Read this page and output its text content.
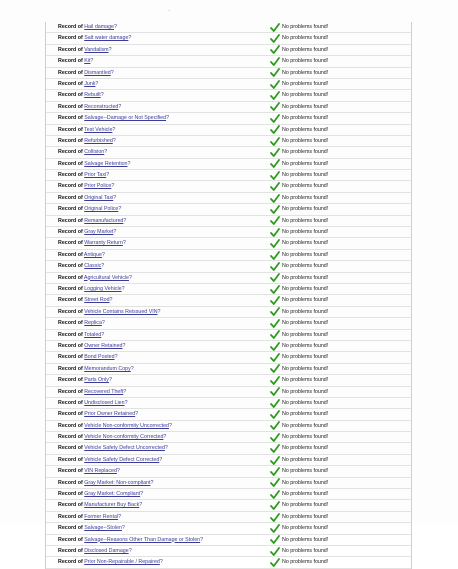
-
Record of Hail damage?	No problems found!
Record of Salt water damage?	No problems found!
Record of Vandalism?	No problems found!
Record of Kit?	No problems found!
Record of Dismantled?	No problems found!
Record of Junk?	No problems found!
Record of Rebuilt?	No problems found!
Record of Reconstructed?	No problems found!
Record of Salvage--Damage or Not Specified?	No problems found!
Record of Test Vehicle?	No problems found!
Record of Refurbished?	No problems found!
Record of Collision?	No problems found!
Record of Salvage Retention?	No problems found!
Record of Prior Taxi?	No problems found!
Record of Prior Police?	No problems found!
Record of Original Taxi?	No problems found!
Record of Original Police?	No problems found!
Record of Remanufactured?	No problems found!
Record of Gray Market?	No problems found!
Record of Warranty Return?	No problems found!
Record of Antique?	No problems found!
Record of Classic?	No problems found!
Record of Agricultural Vehicle?	No problems found!
Record of Logging Vehicle?	No problems found!
Record of Street Rod?	No problems found!
Record of Vehicle Contains Reissued VIN?	No problems found!
Record of Replica?	No problems found!
Record of Totaled?	No problems found!
Record of Owner Retained?	No problems found!
Record of Bond Posted?	No problems found!
Record of Memorandum Copy?	No problems found!
Record of Parts Only?	No problems found!
Record of Recovered Theft?	No problems found!
Record of Undisclosed Lien?	No problems found!
Record of Prior Owner Retained?	No problems found!
Record of Vehicle Non-conformity Uncorrected?	No problems found!
Record of Vehicle Non-conformity Corrected?	No problems found!
Record of Vehicle Safety Defect Uncorrected?	No problems found!
Record of Vehicle Safety Defect Corrected?	No problems found!
Record of VIN Replaced?	No problems found!
Record of Gray Market: Non-compliant?	No problems found!
Record of Gray Market: Compliant?	No problems found!
Record of Manufacturer Buy Back?	No problems found!
Record of Former Rental?	No problems found!
Record of Salvage--Stolen?	No problems found!
Record of Salvage--Reasons Other Than Damage or Stolen?	No problems found!
Record of Disclosed Damage?	No problems found!
Record of Prior Non-Repairable / Repaired?	No problems found!
